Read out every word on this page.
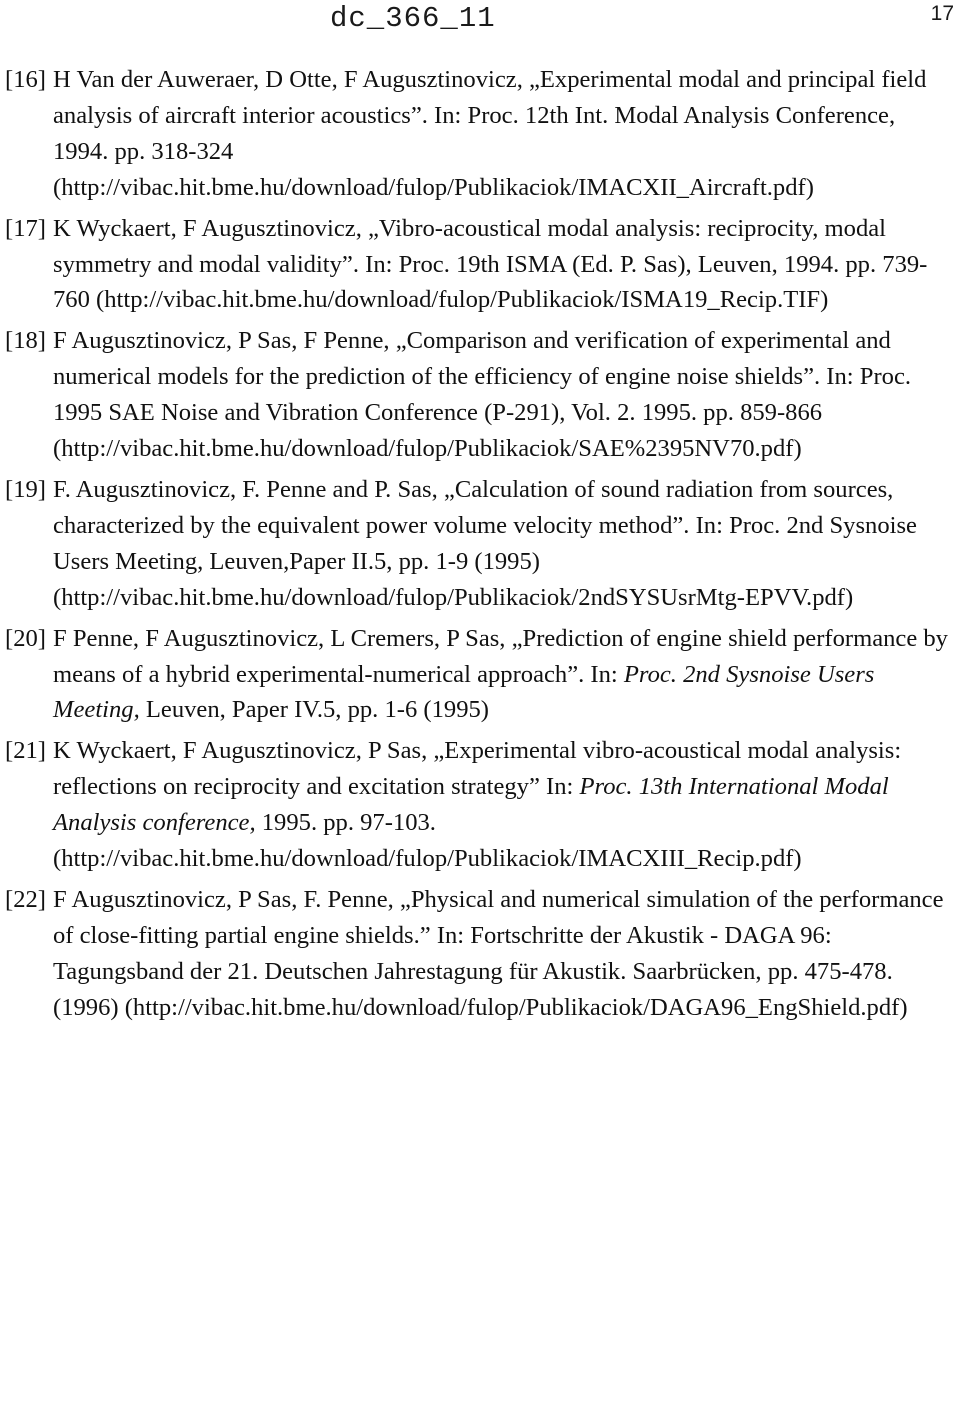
dc_366_11	17
[16] H Van der Auweraer, D Otte, F Augusztinovicz, „Experimental modal and principal field analysis of aircraft interior acoustics”. In: Proc. 12th Int. Modal Analysis Conference, 1994. pp. 318-324 (http://vibac.hit.bme.hu/download/fulop/Publikaciok/IMACXII_Aircraft.pdf)
[17] K Wyckaert, F Augusztinovicz, „Vibro-acoustical modal analysis: reciprocity, modal symmetry and modal validity”. In: Proc. 19th ISMA (Ed. P. Sas), Leuven, 1994. pp. 739-760 (http://vibac.hit.bme.hu/download/fulop/Publikaciok/ISMA19_Recip.TIF)
[18] F Augusztinovicz, P Sas, F Penne, „Comparison and verification of experimental and numerical models for the prediction of the efficiency of engine noise shields”. In: Proc. 1995 SAE Noise and Vibration Conference (P-291), Vol. 2. 1995. pp. 859-866 (http://vibac.hit.bme.hu/download/fulop/Publikaciok/SAE%2395NV70.pdf)
[19] F. Augusztinovicz, F. Penne and P. Sas, „Calculation of sound radiation from sources, characterized by the equivalent power volume velocity method”. In: Proc. 2nd Sysnoise Users Meeting, Leuven,Paper II.5, pp. 1-9 (1995) (http://vibac.hit.bme.hu/download/fulop/Publikaciok/2ndSYSUsrMtg-EPVV.pdf)
[20] F Penne, F Augusztinovicz, L Cremers, P Sas, „Prediction of engine shield performance by means of a hybrid experimental-numerical approach”. In: Proc. 2nd Sysnoise Users Meeting, Leuven, Paper IV.5, pp. 1-6 (1995)
[21] K Wyckaert, F Augusztinovicz, P Sas, „Experimental vibro-acoustical modal analysis: reflections on reciprocity and excitation strategy” In: Proc. 13th International Modal Analysis conference, 1995. pp. 97-103. (http://vibac.hit.bme.hu/download/fulop/Publikaciok/IMACXIII_Recip.pdf)
[22] F Augusztinovicz, P Sas, F. Penne, „Physical and numerical simulation of the performance of close-fitting partial engine shields.” In: Fortschritte der Akustik - DAGA 96: Tagungsband der 21. Deutschen Jahrestagung für Akustik. Saarbrücken, pp. 475-478. (1996) (http://vibac.hit.bme.hu/download/fulop/Publikaciok/DAGA96_EngShield.pdf)
